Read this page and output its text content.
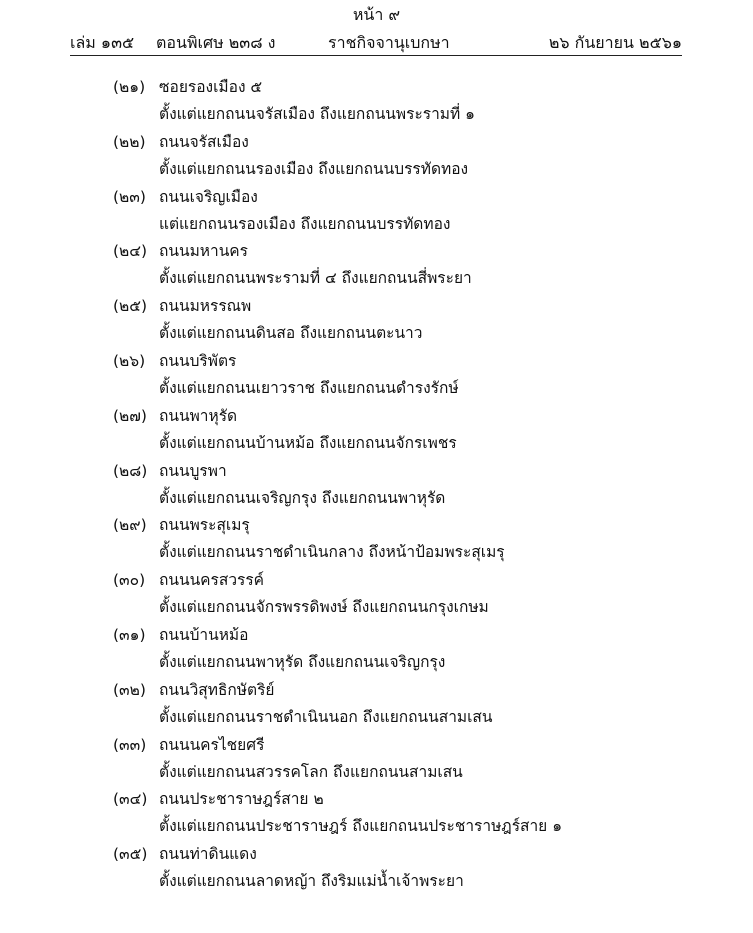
หน้า ๙
เล่ม ๑๓๕ ตอนพิเศษ ๒๓๘ ง	ราชกิจจานุเบกษา	๒๖ กันยายน ๒๕๖๑
(๒๑) ซอยรองเมือง ๕
ตั้งแต่แยกถนนจรัสเมือง ถึงแยกถนนพระรามที่ ๑
(๒๒) ถนนจรัสเมือง
ตั้งแต่แยกถนนรองเมือง ถึงแยกถนนบรรทัดทอง
(๒๓) ถนนเจริญเมือง
แต่แยกถนนรองเมือง ถึงแยกถนนบรรทัดทอง
(๒๔) ถนนมหานคร
ตั้งแต่แยกถนนพระรามที่ ๔ ถึงแยกถนนสี่พระยา
(๒๕) ถนนมหรรณพ
ตั้งแต่แยกถนนดินสอ ถึงแยกถนนตะนาว
(๒๖) ถนนบริพัตร
ตั้งแต่แยกถนนเยาวราช ถึงแยกถนนดำรงรักษ์
(๒๗) ถนนพาหุรัด
ตั้งแต่แยกถนนบ้านหม้อ ถึงแยกถนนจักรเพชร
(๒๘) ถนนบูรพา
ตั้งแต่แยกถนนเจริญกรุง ถึงแยกถนนพาหุรัด
(๒๙) ถนนพระสุเมรุ
ตั้งแต่แยกถนนราชดำเนินกลาง ถึงหน้าป้อมพระสุเมรุ
(๓๐) ถนนนครสวรรค์
ตั้งแต่แยกถนนจักรพรรดิพงษ์ ถึงแยกถนนกรุงเกษม
(๓๑) ถนนบ้านหม้อ
ตั้งแต่แยกถนนพาหุรัด ถึงแยกถนนเจริญกรุง
(๓๒) ถนนวิสุทธิกษัตริย์
ตั้งแต่แยกถนนราชดำเนินนอก ถึงแยกถนนสามเสน
(๓๓) ถนนนครไชยศรี
ตั้งแต่แยกถนนสวรรคโลก ถึงแยกถนนสามเสน
(๓๔) ถนนประชาราษฎร์สาย ๒
ตั้งแต่แยกถนนประชาราษฎร์ ถึงแยกถนนประชาราษฎร์สาย ๑
(๓๕) ถนนท่าดินแดง
ตั้งแต่แยกถนนลาดหญ้า ถึงริมแม่น้ำเจ้าพระยา
